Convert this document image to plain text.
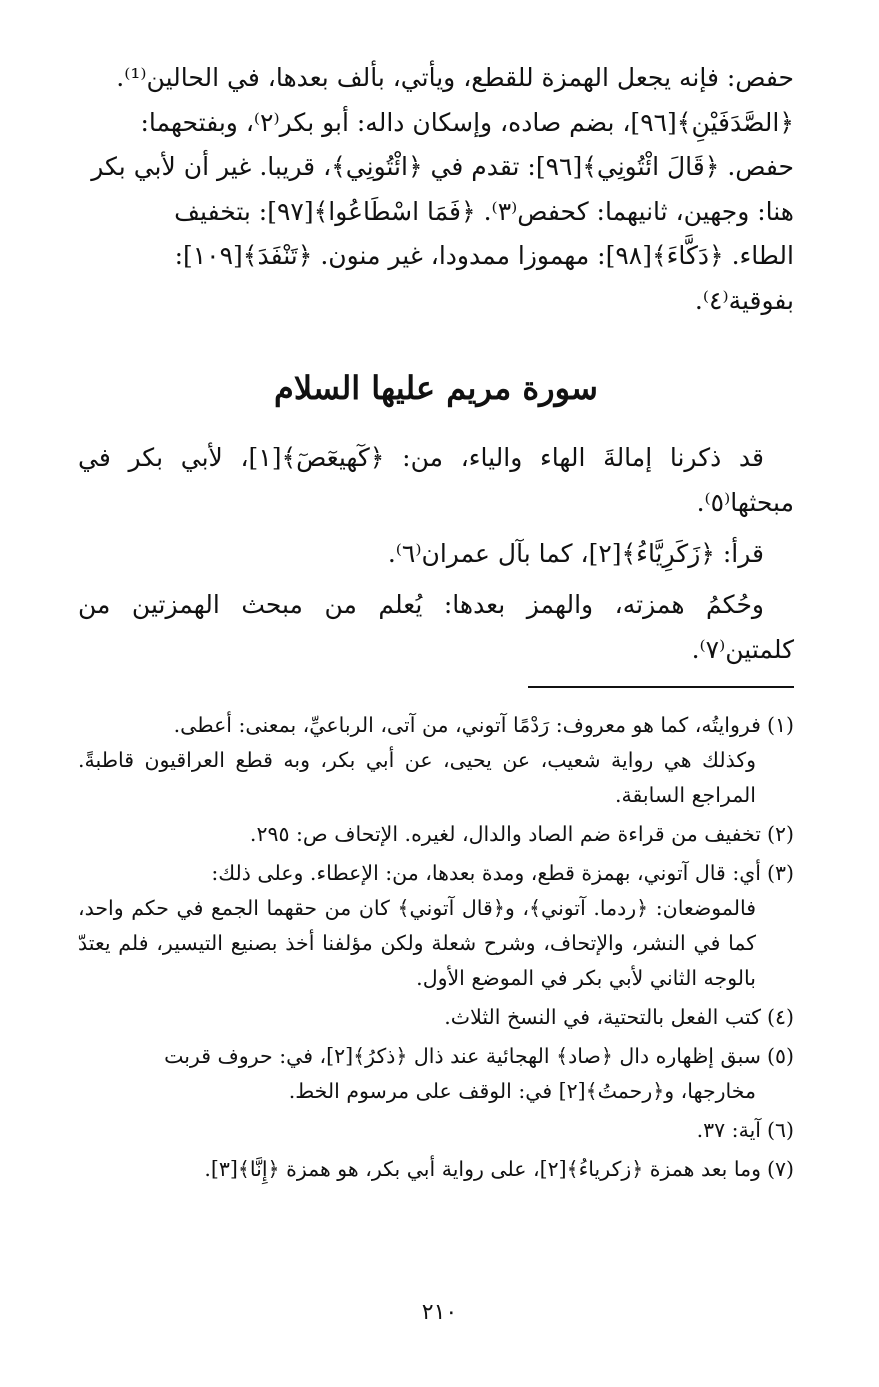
حفص: فإنه يجعل الهمزة للقطع، ويأتي، بألف بعدها، في الحالين⁽¹⁾.

﴿الصَّدَفَيْنِ﴾[٩٦]، بضم صاده، وإسكان داله: أبو بكر⁽٢⁾، وبفتحهما:

حفص. ﴿قَالَ ائْتُونِي﴾[٩٦]: تقدم في ﴿ائْتُونِي﴾، قريبا. غير أن لأبي بكر

هنا: وجهين، ثانيهما: كحفص⁽٣⁾. ﴿فَمَا اسْطَاعُوا﴾[٩٧]: بتخفيف

الطاء. ﴿دَكَّاءَ﴾[٩٨]: مهموزا ممدودا، غير منون. ﴿تَنْفَدَ﴾[١٠٩]:

بفوقية⁽٤⁾.

سورة مريم عليها السلام

قد ذكرنا إمالةَ الهاء والياء، من: ﴿كٓهيعٓصٓ﴾[١]، لأبي بكر في مبحثها⁽٥⁾.

قرأ: ﴿زَكَرِيَّاءُ﴾[٢]، كما بآل عمران⁽٦⁾.

وحُكمُ همزته، والهمز بعدها: يُعلم من مبحث الهمزتين من كلمتين⁽٧⁾.

(١)فروايتُه، كما هو معروف: رَدْمًا آتوني، من آتى، الرباعيِّ، بمعنى: أعطى.
وكذلك هي رواية شعيب، عن يحيى، عن أبي بكر، وبه قطع العراقيون قاطبةً. المراجع السابقة.
(٢)تخفيف من قراءة ضم الصاد والدال، لغيره. الإتحاف ص: ٢٩٥.
(٣)أي: قال آتوني، بهمزة قطع، ومدة بعدها، من: الإعطاء. وعلى ذلك:
فالموضعان: ﴿ردما. آتوني﴾، و﴿قال آتوني﴾ كان من حقهما الجمع في حكم واحد، كما في النشر، والإتحاف، وشرح شعلة ولكن مؤلفنا أخذ بصنيع التيسير، فلم يعتدّ بالوجه الثاني لأبي بكر في الموضع الأول.
(٤)كتب الفعل بالتحتية، في النسخ الثلاث.
(٥)سبق إظهاره دال ﴿صاد﴾ الهجائية عند ذال ﴿ذكرُ﴾[٢]، في: حروف قربت
مخارجها، و﴿رحمتُ﴾[٢] في: الوقف على مرسوم الخط.
(٦)آية: ٣٧.
(٧)وما بعد همزة ﴿زكرياءُ﴾[٢]، على رواية أبي بكر، هو همزة ﴿إِنَّا﴾[٣].
٢١٠
